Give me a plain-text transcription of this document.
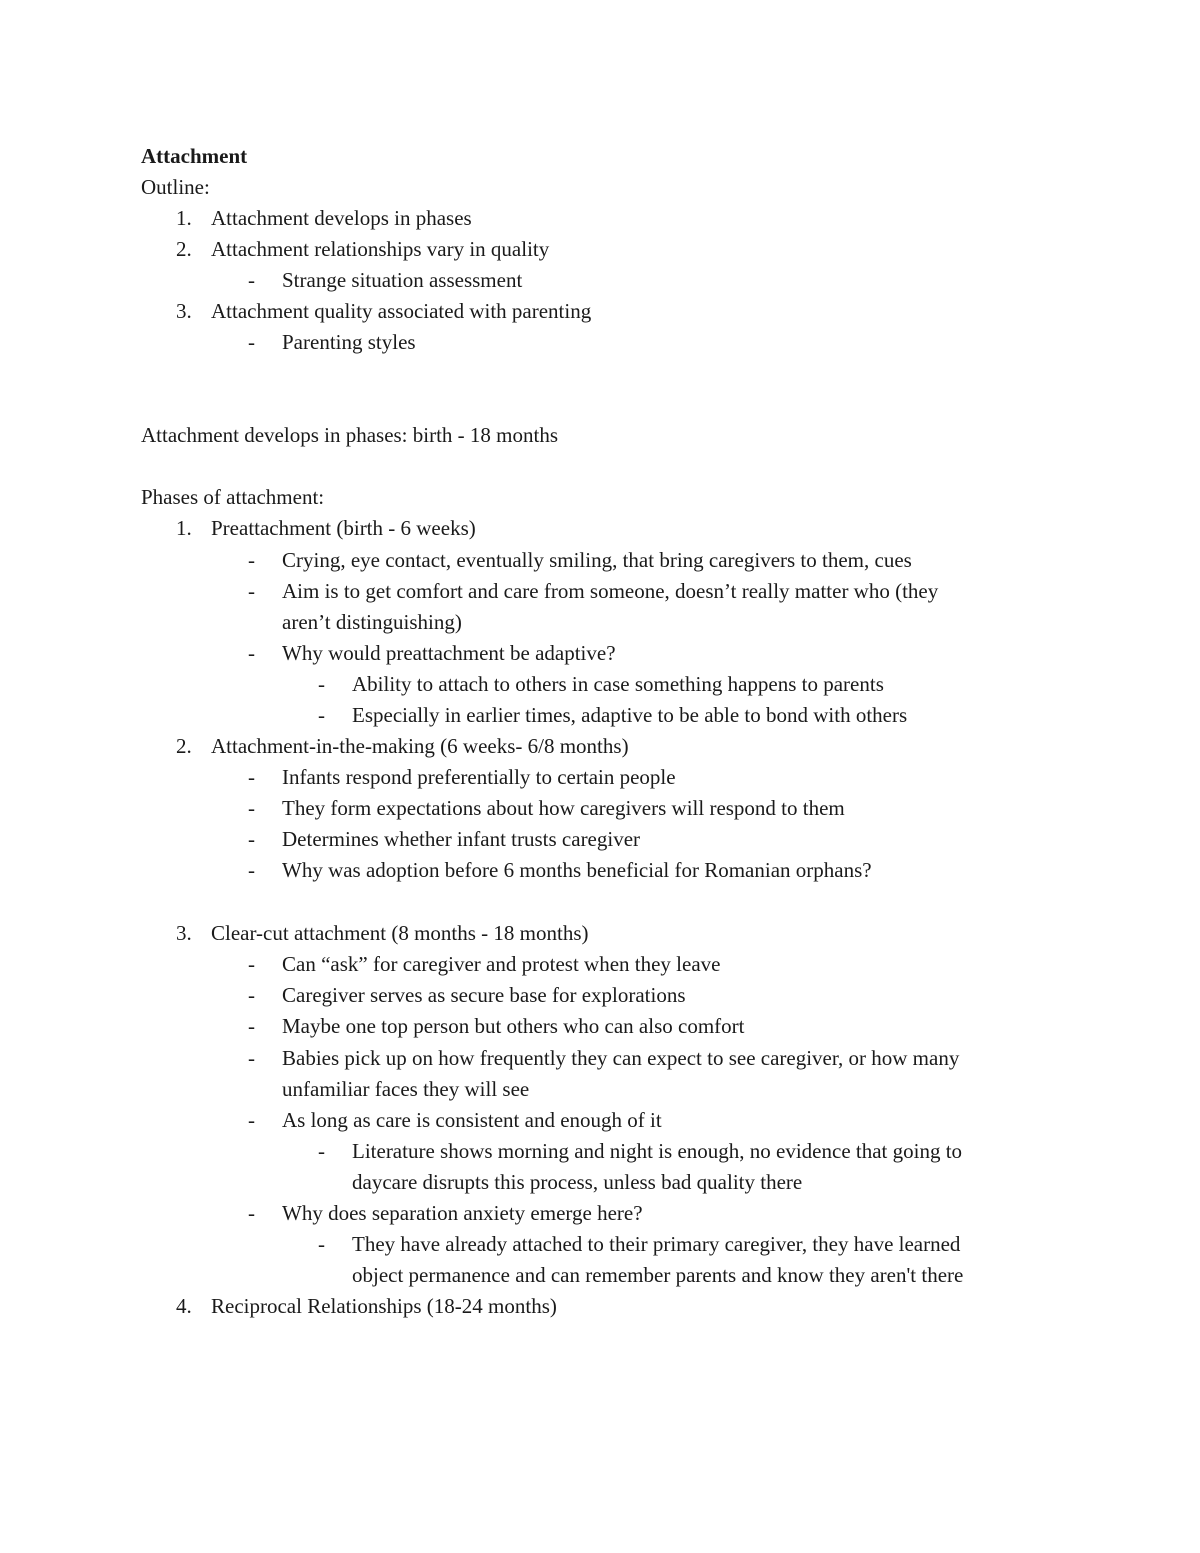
Attachment
Outline:
1. Attachment develops in phases
2. Attachment relationships vary in quality
-	Strange situation assessment
3. Attachment quality associated with parenting
-	Parenting styles
Attachment develops in phases: birth - 18 months
Phases of attachment:
1. Preattachment (birth - 6 weeks)
-	Crying, eye contact, eventually smiling, that bring caregivers to them, cues
-	Aim is to get comfort and care from someone, doesn’t really matter who (they
aren’t distinguishing)
-	Why would preattachment be adaptive?
-	Ability to attach to others in case something happens to parents
-	Especially in earlier times, adaptive to be able to bond with others
2. Attachment-in-the-making (6 weeks- 6/8 months)
-	Infants respond preferentially to certain people
-	They form expectations about how caregivers will respond to them
-	Determines whether infant trusts caregiver
-	Why was adoption before 6 months beneficial for Romanian orphans?
3. Clear-cut attachment (8 months - 18 months)
-	Can “ask” for caregiver and protest when they leave
-	Caregiver serves as secure base for explorations
-	Maybe one top person but others who can also comfort
-	Babies pick up on how frequently they can expect to see caregiver, or how many
unfamiliar faces they will see
-	As long as care is consistent and enough of it
-	Literature shows morning and night is enough, no evidence that going to
daycare disrupts this process, unless bad quality there
-	Why does separation anxiety emerge here?
-	They have already attached to their primary caregiver, they have learned
object permanence and can remember parents and know they aren't there
4. Reciprocal Relationships (18-24 months)
